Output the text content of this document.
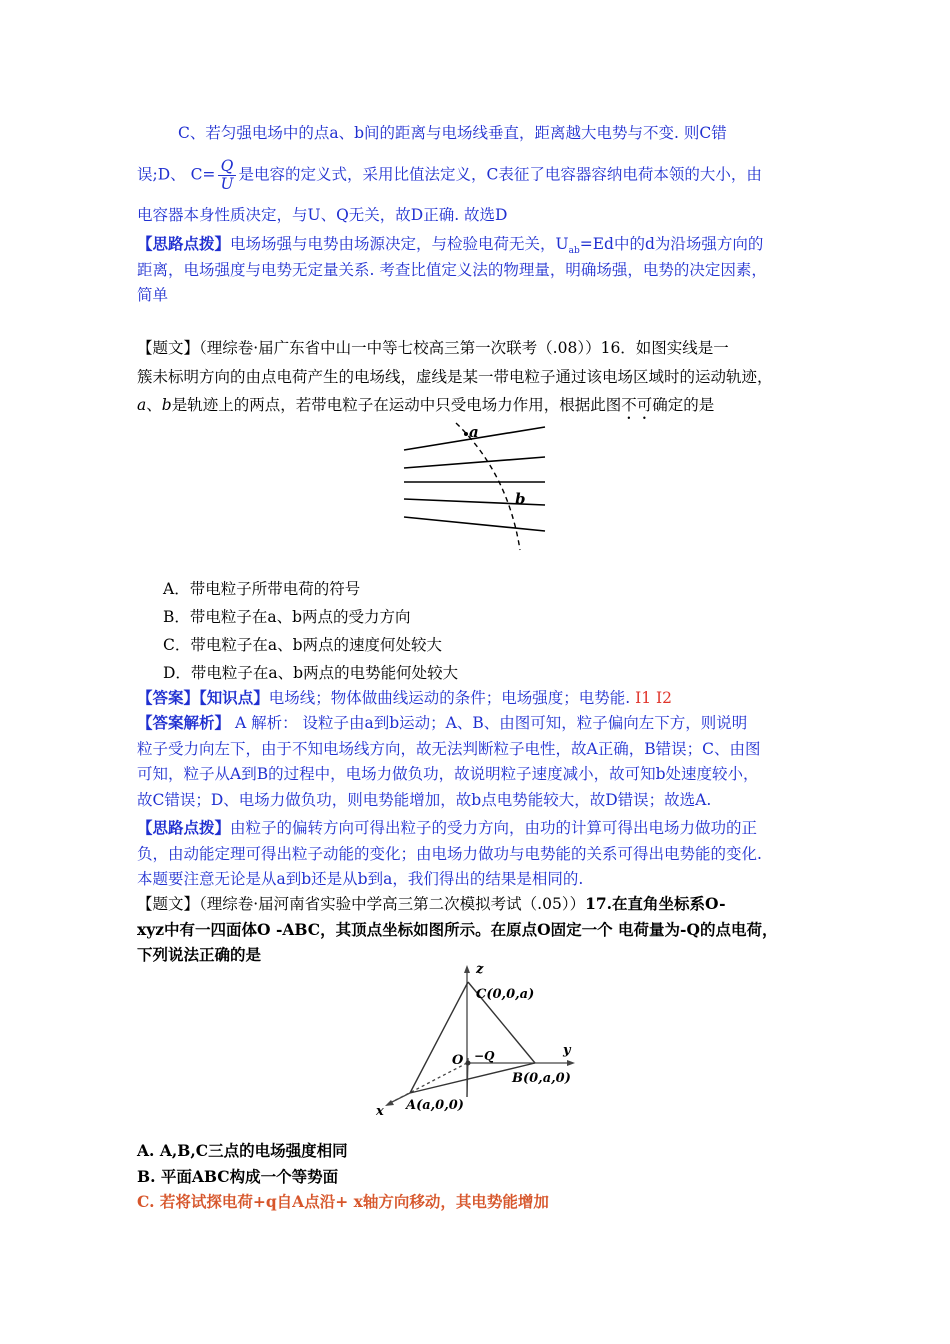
C、若匀强电场中的点a、b间的距离与电场线垂直，距离越大电势与不变. 则C错
误;D、 $C= \frac{Q}{U}$ 是电容的定义式，采用比值法定义，C表征了电容器容纳电荷本领的大小，由
电容器本身性质决定，与U、Q无关，故D正确. 故选D
【思路点拨】电场场强与电势由场源决定，与检验电荷无关，$U_{ab}=Ed$中的d为沿场强方向的
距离，电场强度与电势无定量关系. 考查比值定义法的物理量，明确场强，电势的决定因素，
简单
【题文】（理综卷·届广东省中山一中等七校高三第一次联考（.08））16．如图实线是一
簇未标明方向的由点电荷产生的电场线，虚线是某一带电粒子通过该电场区域时的运动轨迹，
a、b是轨迹上的两点，若带电粒子在运动中只受电场力作用，根据此图不可确定的是
a
b
A．带电粒子所带电荷的符号
B．带电粒子在a、b两点的受力方向
C．带电粒子在a、b两点的速度何处较大
D．带电粒子在a、b两点的电势能何处较大
【答案】【知识点】电场线；物体做曲线运动的条件；电场强度；电势能. I1 I2
【答案解析】 A 解析： 设粒子由a到b运动；A、B、由图可知，粒子偏向左下方，则说明
粒子受力向左下，由于不知电场线方向，故无法判断粒子电性，故A正确，B错误；C、由图
可知，粒子从A到B的过程中，电场力做负功，故说明粒子速度减小，故可知b处速度较小，
故C错误；D、电场力做负功，则电势能增加，故b点电势能较大，故D错误；故选A.
【思路点拨】由粒子的偏转方向可得出粒子的受力方向，由功的计算可得出电场力做功的正
负，由动能定理可得出粒子动能的变化；由电场力做功与电势能的关系可得出电势能的变化.
本题要注意无论是从a到b还是从b到a，我们得出的结果是相同的.
【题文】（理综卷·届河南省实验中学高三第二次模拟考试（.05））17.在直角坐标系O-
xyz中有一四面体O -ABC，其顶点坐标如图所示。在原点O固定一个 电荷量为-Q的点电荷，
下列说法正确的是
z
C(0,0,a)
y
O −Q
B(0,a,0)
A(a,0,0)
x
A. A,B,C三点的电场强度相同
B. 平面ABC构成一个等势面
C. 若将试探电荷+q自A点沿+ x轴方向移动，其电势能增加
